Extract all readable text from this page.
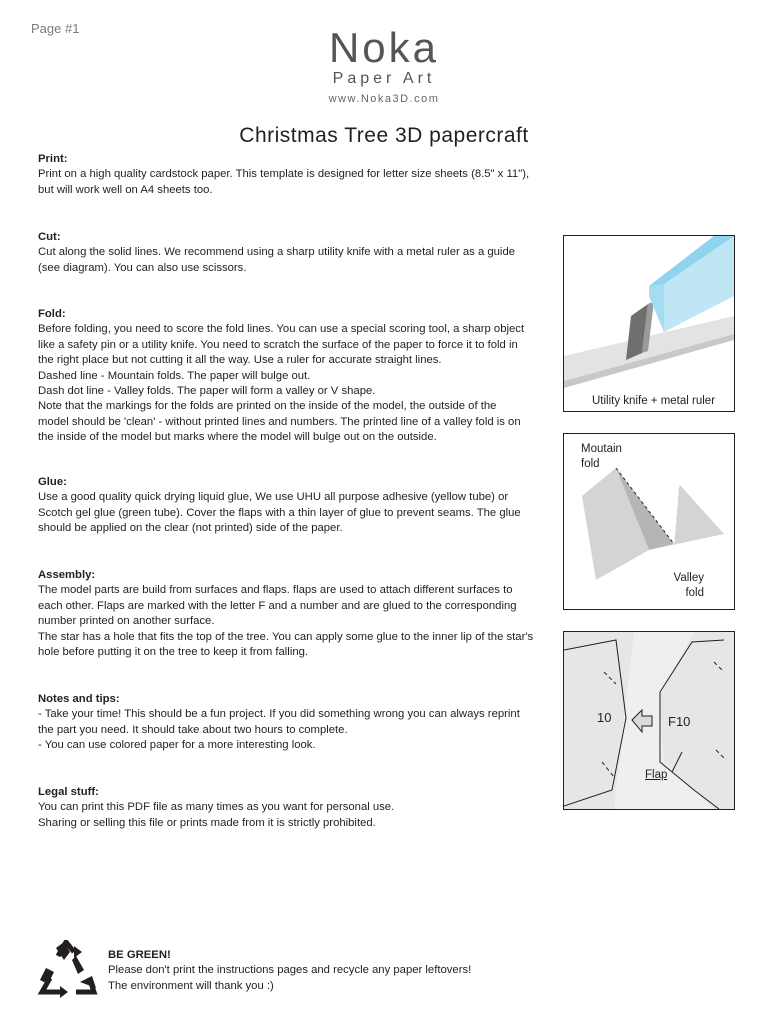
Page #1	Noka
Paper Art
www.Noka3D.com
Christmas Tree 3D papercraft
Print:

Print on a high quality cardstock paper. This template is designed for letter size sheets (8.5" x 11"),
but will work well on A4 sheets too.

Cut:

Cut along the solid lines. We recommend using a sharp utility knife with a metal ruler as a guide
(see diagram). You can also use scissors.

Fold:

Before folding, you need to score the fold lines. You can use a special scoring tool, a sharp object
like a safety pin or a utility knife. You need to scratch the surface of the paper to force it to fold in
the right place but not cutting it all the way. Use a ruler for accurate straight lines.
Dashed line - Mountain folds. The paper will bulge out.
Dash dot line - Valley folds. The paper will form a valley or V shape.
Note that the markings for the folds are printed on the inside of the model, the outside of the
model should be 'clean' - without printed lines and numbers. The printed line of a valley fold is on
the inside of the model but marks where the model will bulge out on the outside.

Glue:

Use a good quality quick drying liquid glue, We use UHU all purpose adhesive (yellow tube) or
Scotch gel glue (green tube). Cover the flaps with a thin layer of glue to prevent seams. The glue
should be applied on the clear (not printed) side of the paper.

Assembly:

The model parts are build from surfaces and flaps. flaps are used to attach different surfaces to
each other. Flaps are marked with the letter F and a number and are glued to the corresponding
number printed on another surface.
The star has a hole that fits the top of the tree. You can apply some glue to the inner lip of the star's
hole before putting it on the tree to keep it from falling.

Notes and tips:

- Take your time! This should be a fun project. If you did something wrong you can always reprint
the part you need. It should take about two hours to complete.
- You can use colored paper for a more interesting look.

Legal stuff:

You can print this PDF file as many times as you want for personal use.
Sharing or selling this file or prints made from it is strictly prohibited.

Utility knife + metal ruler
Moutain
fold
Valley
fold
10	F10
Flap
BE GREEN!
Please don't print the instructions pages and recycle any paper leftovers!
The environment will thank you :)
